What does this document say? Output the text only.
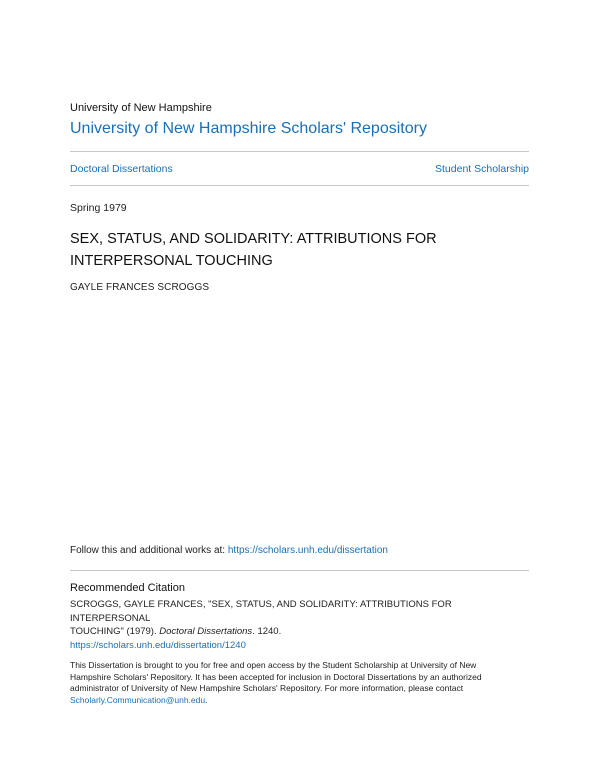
University of New Hampshire
University of New Hampshire Scholars' Repository
Doctoral Dissertations	Student Scholarship
Spring 1979
SEX, STATUS, AND SOLIDARITY: ATTRIBUTIONS FOR
INTERPERSONAL TOUCHING
GAYLE FRANCES SCROGGS
Follow this and additional works at: https://scholars.unh.edu/dissertation
Recommended Citation
SCROGGS, GAYLE FRANCES, "SEX, STATUS, AND SOLIDARITY: ATTRIBUTIONS FOR INTERPERSONAL
TOUCHING" (1979). Doctoral Dissertations. 1240.
https://scholars.unh.edu/dissertation/1240
This Dissertation is brought to you for free and open access by the Student Scholarship at University of New
Hampshire Scholars' Repository. It has been accepted for inclusion in Doctoral Dissertations by an authorized
administrator of University of New Hampshire Scholars' Repository. For more information, please contact
Scholarly.Communication@unh.edu.
